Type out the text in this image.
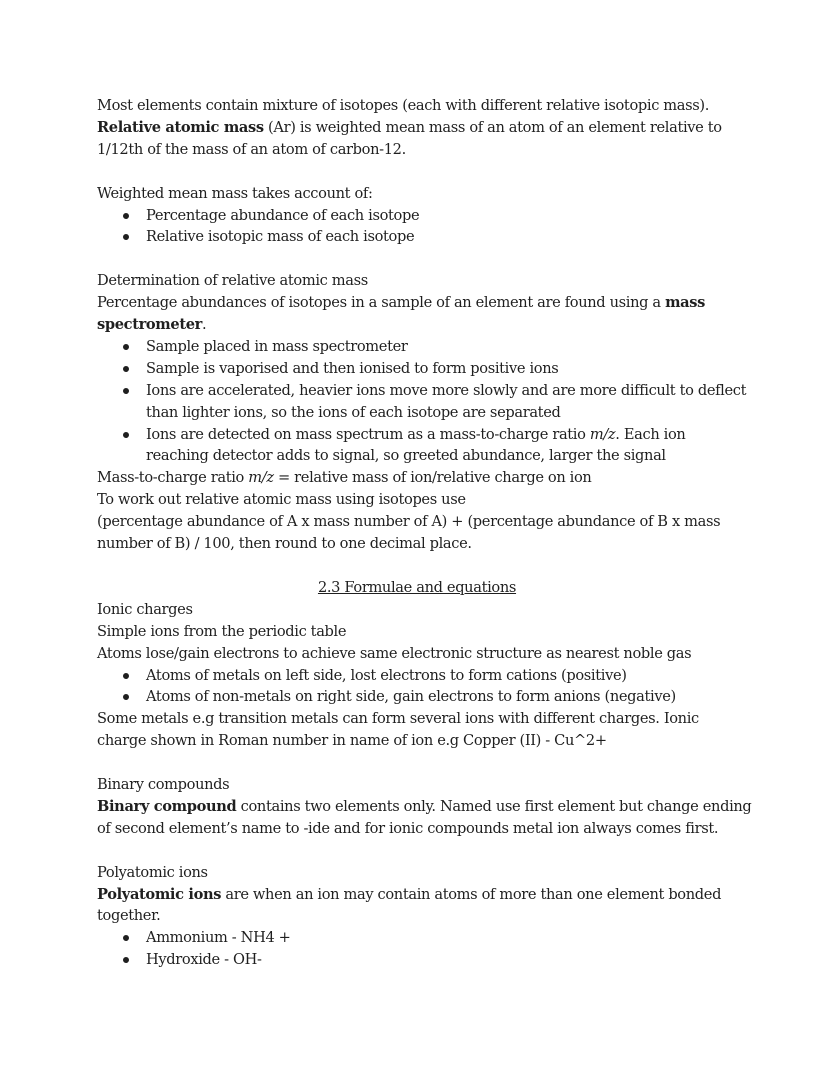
Most elements contain mixture of isotopes (each with different relative isotopic mass).
Relative atomic mass (Ar) is weighted mean mass of an atom of an element relative to
1/12th of the mass of an atom of carbon-12.
Weighted mean mass takes account of:
Percentage abundance of each isotope
Relative isotopic mass of each isotope
Determination of relative atomic mass
Percentage abundances of isotopes in a sample of an element are found using a mass
spectrometer.
Sample placed in mass spectrometer
Sample is vaporised and then ionised to form positive ions
Ions are accelerated, heavier ions move more slowly and are more difficult to deflect
than lighter ions, so the ions of each isotope are separated
Ions are detected on mass spectrum as a mass-to-charge ratio m/z. Each ion
reaching detector adds to signal, so greeted abundance, larger the signal
Mass-to-charge ratio m/z = relative mass of ion/relative charge on ion
To work out relative atomic mass using isotopes use
(percentage abundance of A x mass number of A) + (percentage abundance of B x mass
number of B) / 100, then round to one decimal place.
2.3 Formulae and equations
Ionic charges
Simple ions from the periodic table
Atoms lose/gain electrons to achieve same electronic structure as nearest noble gas
Atoms of metals on left side, lost electrons to form cations (positive)
Atoms of non-metals on right side, gain electrons to form anions (negative)
Some metals e.g transition metals can form several ions with different charges. Ionic
charge shown in Roman number in name of ion e.g Copper (II) - Cu^2+
Binary compounds
Binary compound contains two elements only. Named use first element but change ending
of second element’s name to -ide and for ionic compounds metal ion always comes first.
Polyatomic ions
Polyatomic ions are when an ion may contain atoms of more than one element bonded
together.
Ammonium - NH4 +
Hydroxide - OH-
